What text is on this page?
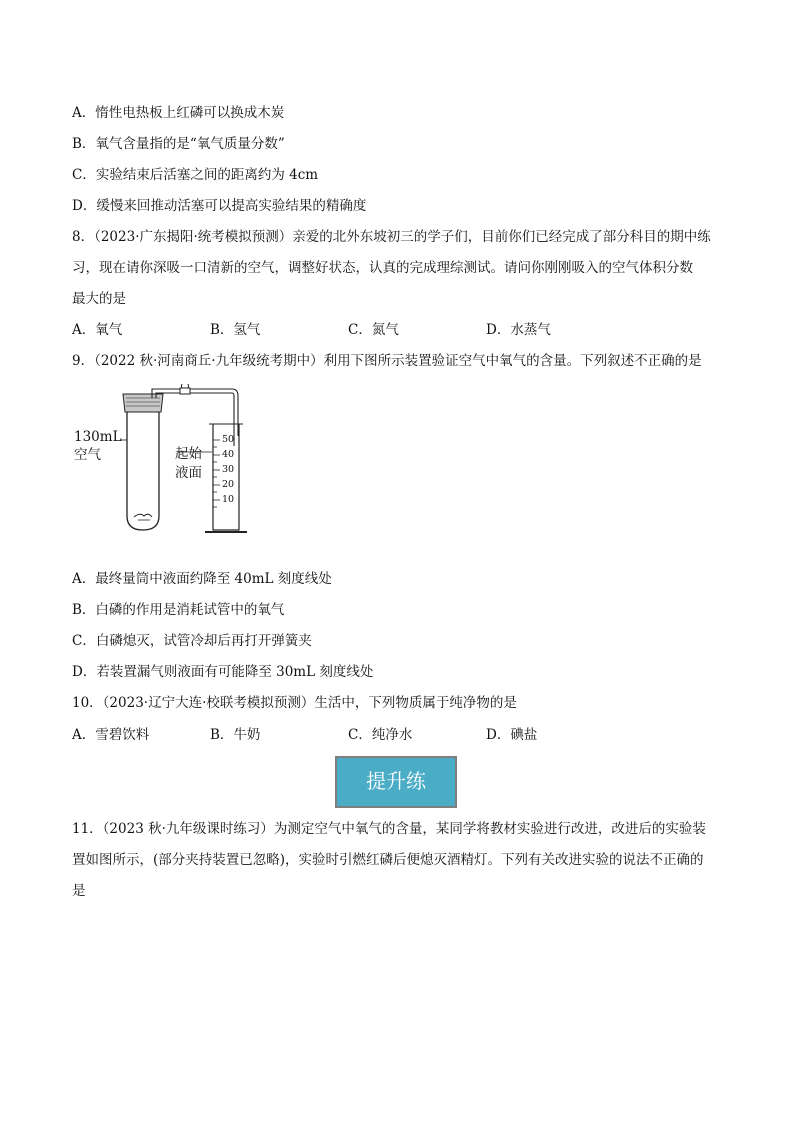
A．惰性电热板上红磷可以换成木炭
B．氧气含量指的是“氧气质量分数”
C．实验结束后活塞之间的距离约为 4cm
D．缓慢来回推动活塞可以提高实验结果的精确度
8．（2023·广东揭阳·统考模拟预测）亲爱的北外东坡初三的学子们，目前你们已经完成了部分科目的期中练
习，现在请你深吸一口清新的空气，调整好状态，认真的完成理综测试。请问你刚刚吸入的空气体积分数
最大的是
A．氧气	B．氢气	C．氮气	D．水蒸气
9．（2022 秋·河南商丘·九年级统考期中）利用下图所示装置验证空气中氧气的含量。下列叙述不正确的是
130mL
空气	起始
液面
50
40
30
20
10
A．最终量筒中液面约降至 40mL 刻度线处
B．白磷的作用是消耗试管中的氧气
C．白磷熄灭，试管冷却后再打开弹簧夹
D．若装置漏气则液面有可能降至 30mL 刻度线处
10．（2023·辽宁大连·校联考模拟预测）生活中，下列物质属于纯净物的是
A．雪碧饮料	B．牛奶	C．纯净水	D．碘盐
提升练
11．（2023 秋·九年级课时练习）为测定空气中氧气的含量，某同学将教材实验进行改进，改进后的实验装
置如图所示，(部分夹持装置已忽略)，实验时引燃红磷后便熄灭酒精灯。下列有关改进实验的说法不正确的
是
